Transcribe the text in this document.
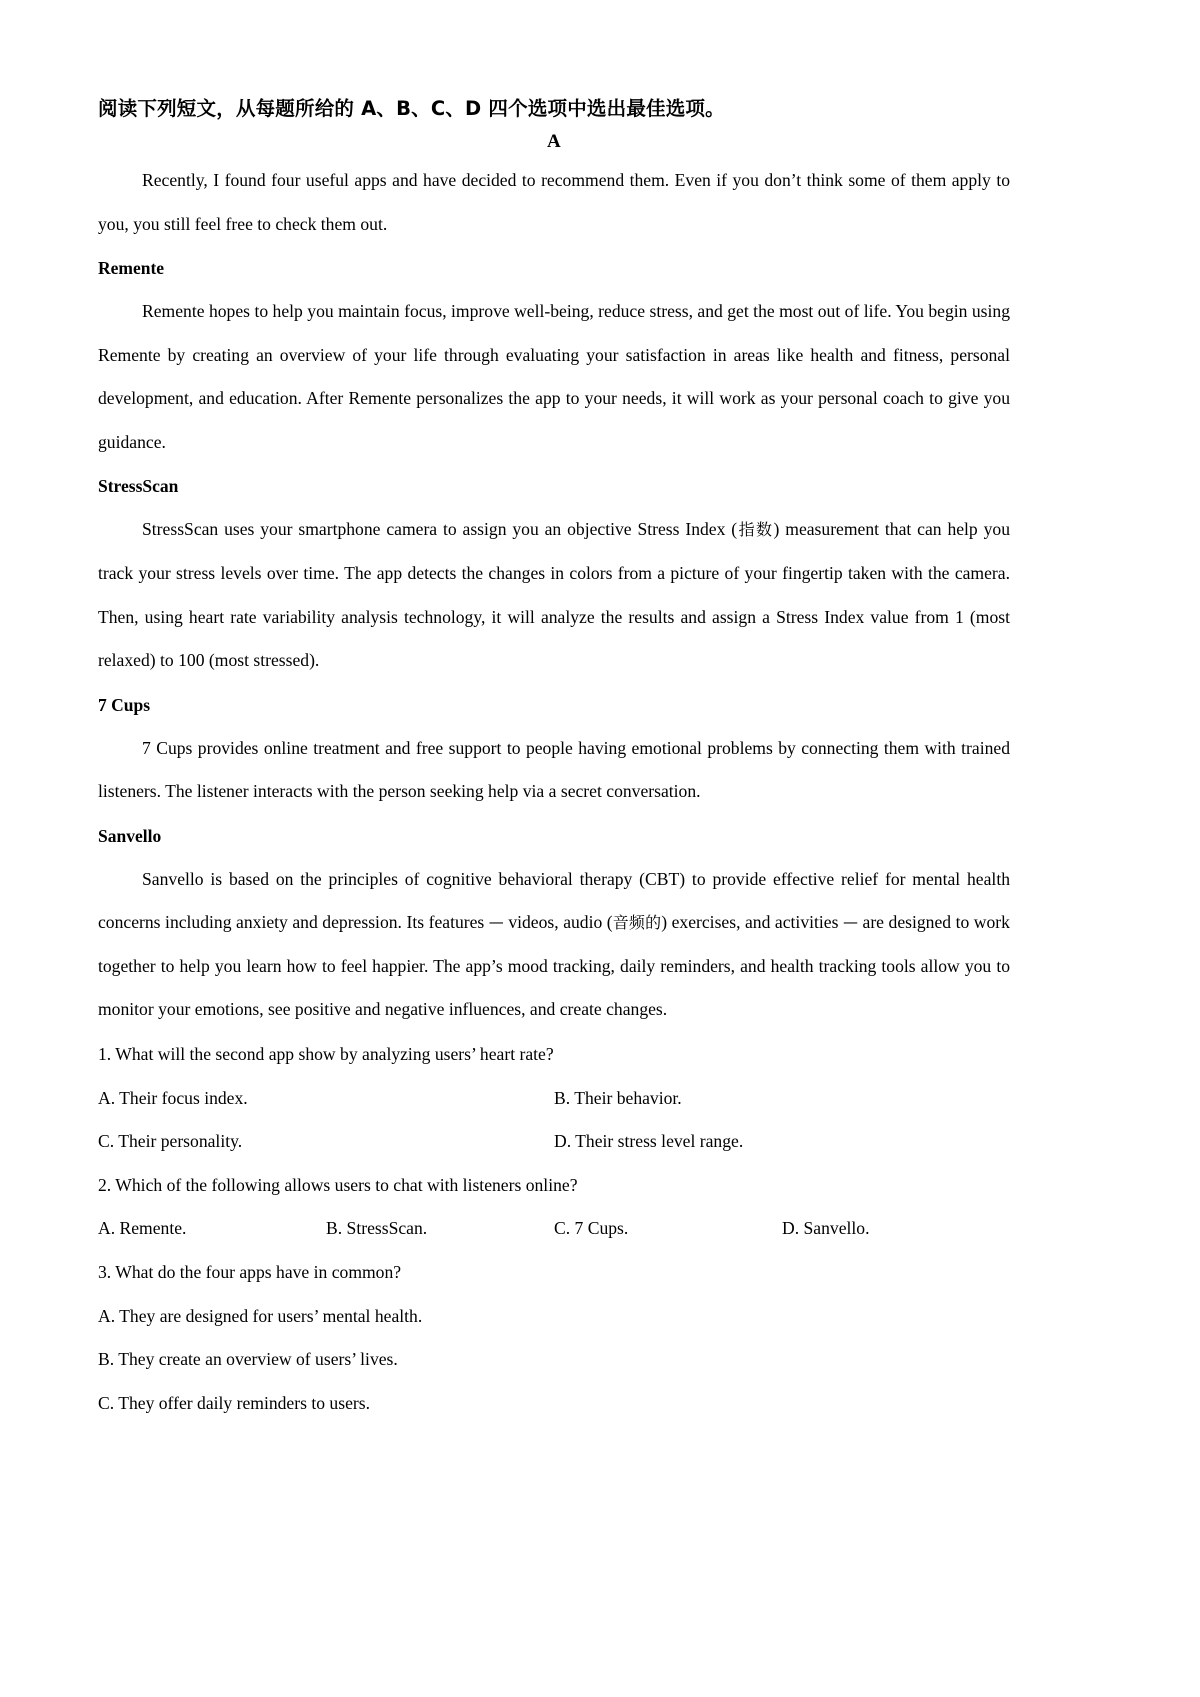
阅读下列短文，从每题所给的 A、B、C、D 四个选项中选出最佳选项。
A

Recently, I found four useful apps and have decided to recommend them. Even if you don’t think some of them apply to you, you still feel free to check them out.

Remente

Remente hopes to help you maintain focus, improve well-being, reduce stress, and get the most out of life. You begin using Remente by creating an overview of your life through evaluating your satisfaction in areas like health and fitness, personal development, and education. After Remente personalizes the app to your needs, it will work as your personal coach to give you guidance.

StressScan

StressScan uses your smartphone camera to assign you an objective Stress Index (指数) measurement that can help you track your stress levels over time. The app detects the changes in colors from a picture of your fingertip taken with the camera. Then, using heart rate variability analysis technology, it will analyze the results and assign a Stress Index value from 1 (most relaxed) to 100 (most stressed).

7 Cups

7 Cups provides online treatment and free support to people having emotional problems by connecting them with trained listeners. The listener interacts with the person seeking help via a secret conversation.

Sanvello

Sanvello is based on the principles of cognitive behavioral therapy (CBT) to provide effective relief for mental health concerns including anxiety and depression. Its features — videos, audio (音频的) exercises, and activities — are designed to work together to help you learn how to feel happier. The app’s mood tracking, daily reminders, and health tracking tools allow you to monitor your emotions, see positive and negative influences, and create changes.

1. What will the second app show by analyzing users’ heart rate?

A. Their focus index.	B. Their behavior.
C. Their personality.	D. Their stress level range.

2. Which of the following allows users to chat with listeners online?

A. Remente.	B. StressScan.	C. 7 Cups.	D. Sanvello.

3. What do the four apps have in common?

A. They are designed for users’ mental health.
B. They create an overview of users’ lives.
C. They offer daily reminders to users.
